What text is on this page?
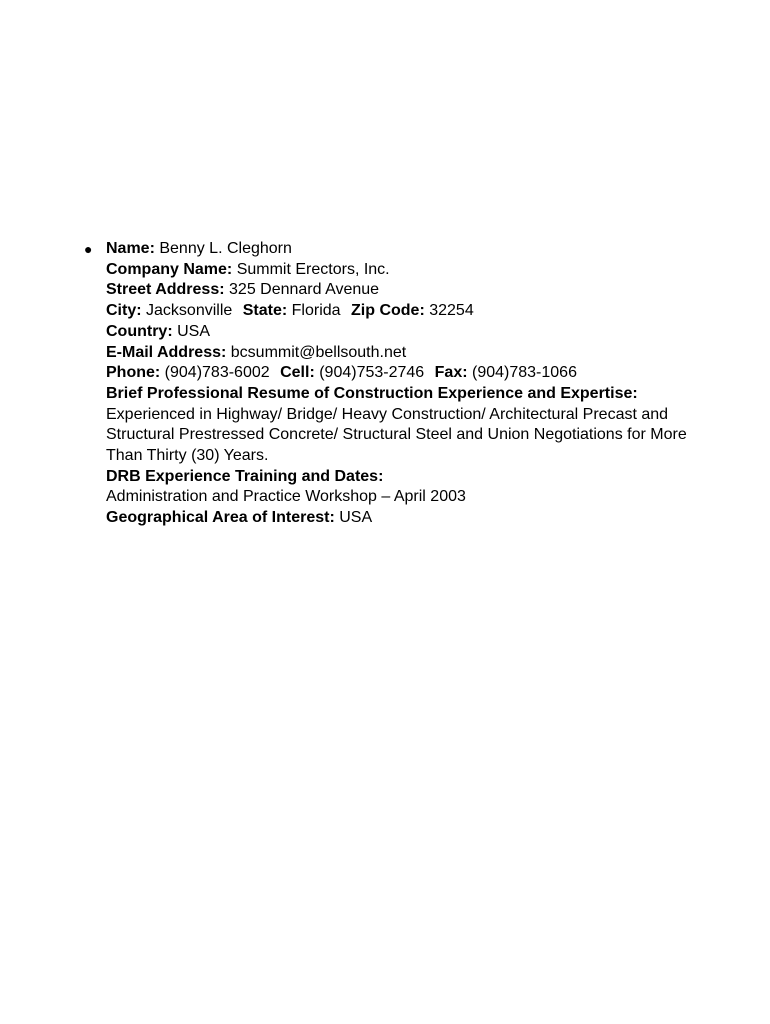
● Name: Benny L. Cleghorn
Company Name: Summit Erectors, Inc.
Street Address: 325 Dennard Avenue
City: Jacksonville State: Florida Zip Code: 32254
Country: USA
E-Mail Address: bcsummit@bellsouth.net
Phone: (904)783-6002 Cell: (904)753-2746 Fax: (904)783-1066
Brief Professional Resume of Construction Experience and Expertise: Experienced in Highway/ Bridge/ Heavy Construction/ Architectural Precast and Structural Prestressed Concrete/ Structural Steel and Union Negotiations for More Than Thirty (30) Years.
DRB Experience Training and Dates:
Administration and Practice Workshop – April 2003
Geographical Area of Interest: USA
